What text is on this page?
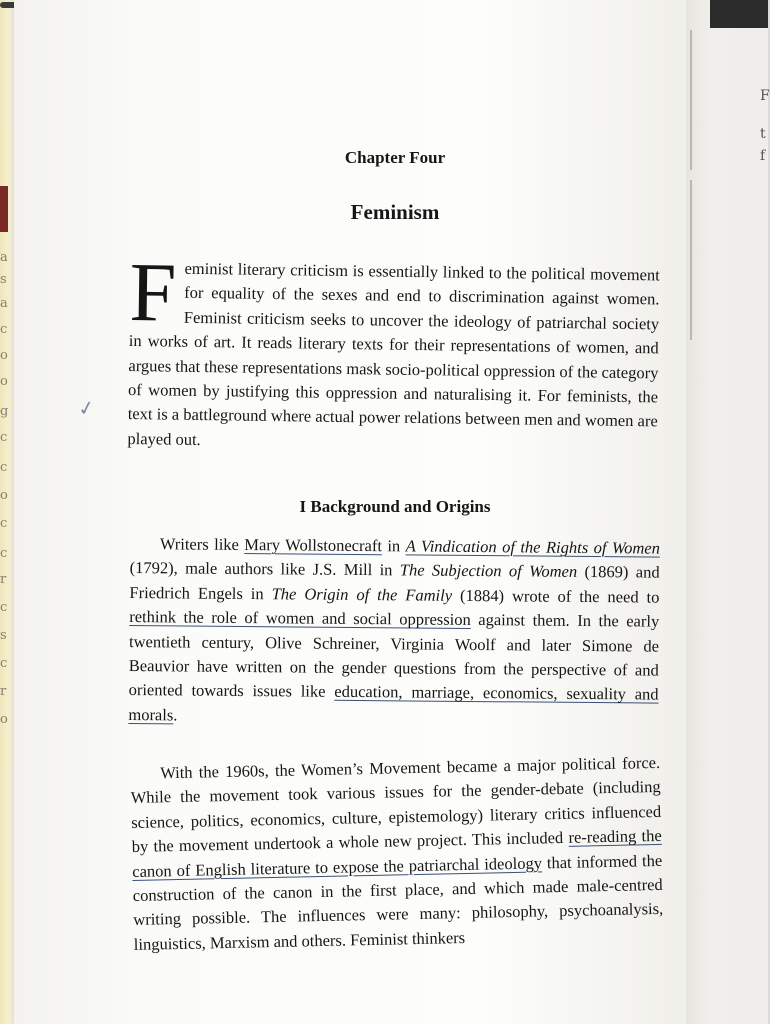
a
s
a
c
o
o
g
c
c
o
c
c
r
c
s
c
r
o
F
t
f
✓
Chapter Four
Feminism

Feminist literary criticism is essentially linked to the political movement for equality of the sexes and end to discrimination against women. Feminist criticism seeks to uncover the ideology of patriarchal society in works of art. It reads literary texts for their representations of women, and argues that these representations mask socio-political oppression of the category of women by justifying this oppression and naturalising it. For feminists, the text is a battleground where actual power relations between men and women are played out.

I Background and Origins

Writers like Mary Wollstonecraft in A Vindication of the Rights of Women (1792), male authors like J.S. Mill in The Subjection of Women (1869) and Friedrich Engels in The Origin of the Family (1884) wrote of the need to rethink the role of women and social oppression against them. In the early twentieth century, Olive Schreiner, Virginia Woolf and later Simone de Beauvior have written on the gender questions from the perspective of and oriented towards issues like education, marriage, economics, sexuality and morals.

With the 1960s, the Women’s Movement became a major political force. While the movement took various issues for the gender-debate (including science, politics, economics, culture, epistemology) literary critics influenced by the movement undertook a whole new project. This included re-reading the canon of English literature to expose the patriarchal ideology that informed the construction of the canon in the first place, and which made male-centred writing possible. The influences were many: philosophy, psychoanalysis, linguistics, Marxism and others. Feminist thinkers
